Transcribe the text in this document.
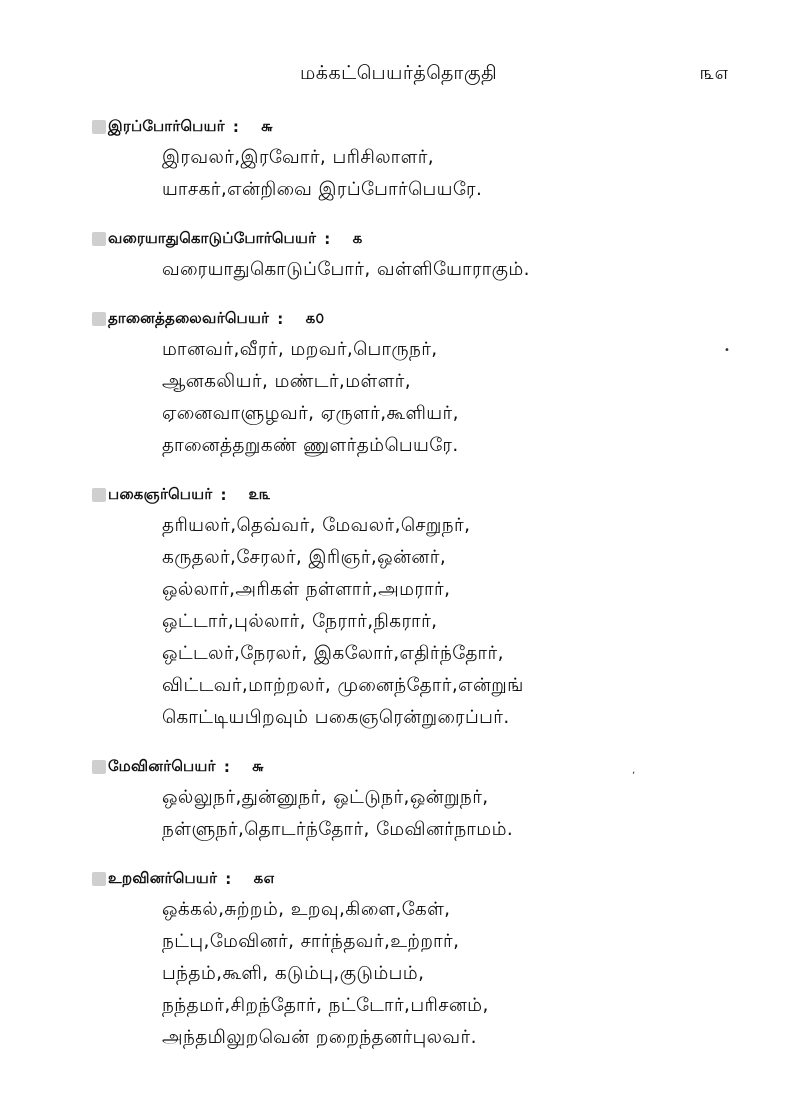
மக்கட்பெயர்த்தொகுதி	௩௭
இரப்போர்பெயர் : ௬
இரவலர்,இரவோர், பரிசிலாளர்,
யாசகர்,என்றிவை இரப்போர்பெயரே.
வரையாதுகொடுப்போர்பெயர் : ௧
வரையாதுகொடுப்போர், வள்ளியோராகும்.
தானைத்தலைவர்பெயர் : ௧௦
மானவர்,வீரர், மறவர்,பொருநர்,
ஆனகலியர், மண்டர்,மள்ளர்,
ஏனைவாளுழவர், ஏருளர்,கூளியர்,
தானைத்தறுகண் ணுளர்தம்பெயரே.
பகைஞர்பெயர் : ௨௩
தரியலர்,தெவ்வர், மேவலர்,செறுநர்,
கருதலர்,சேரலர், இரிஞர்,ஒன்னர்,
ஒல்லார்,அரிகள் நள்ளார்,அமரார்,
ஒட்டார்,புல்லார், நேரார்,நிகரார்,
ஒட்டலர்,நேரலர், இகலோர்,எதிர்ந்தோர்,
விட்டவர்,மாற்றலர், முனைந்தோர்,என்றுங்
கொட்டியபிறவும் பகைஞரென்றுரைப்பர்.
மேவினர்பெயர் : ௬
ஒல்லுநர்,துன்னுநர், ஒட்டுநர்,ஒன்றுநர்,
நள்ளுநர்,தொடர்ந்தோர், மேவினர்நாமம்.
உறவினர்பெயர் : ௧௭
ஒக்கல்,சுற்றம், உறவு,கிளை,கேள்,
நட்பு,மேவினர், சார்ந்தவர்,உற்றார்,
பந்தம்,கூளி, கடும்பு,குடும்பம்,
நந்தமர்,சிறந்தோர், நட்டோர்,பரிசனம்,
அந்தமிலுறவென் றறைந்தனர்புலவர்.
•
,
